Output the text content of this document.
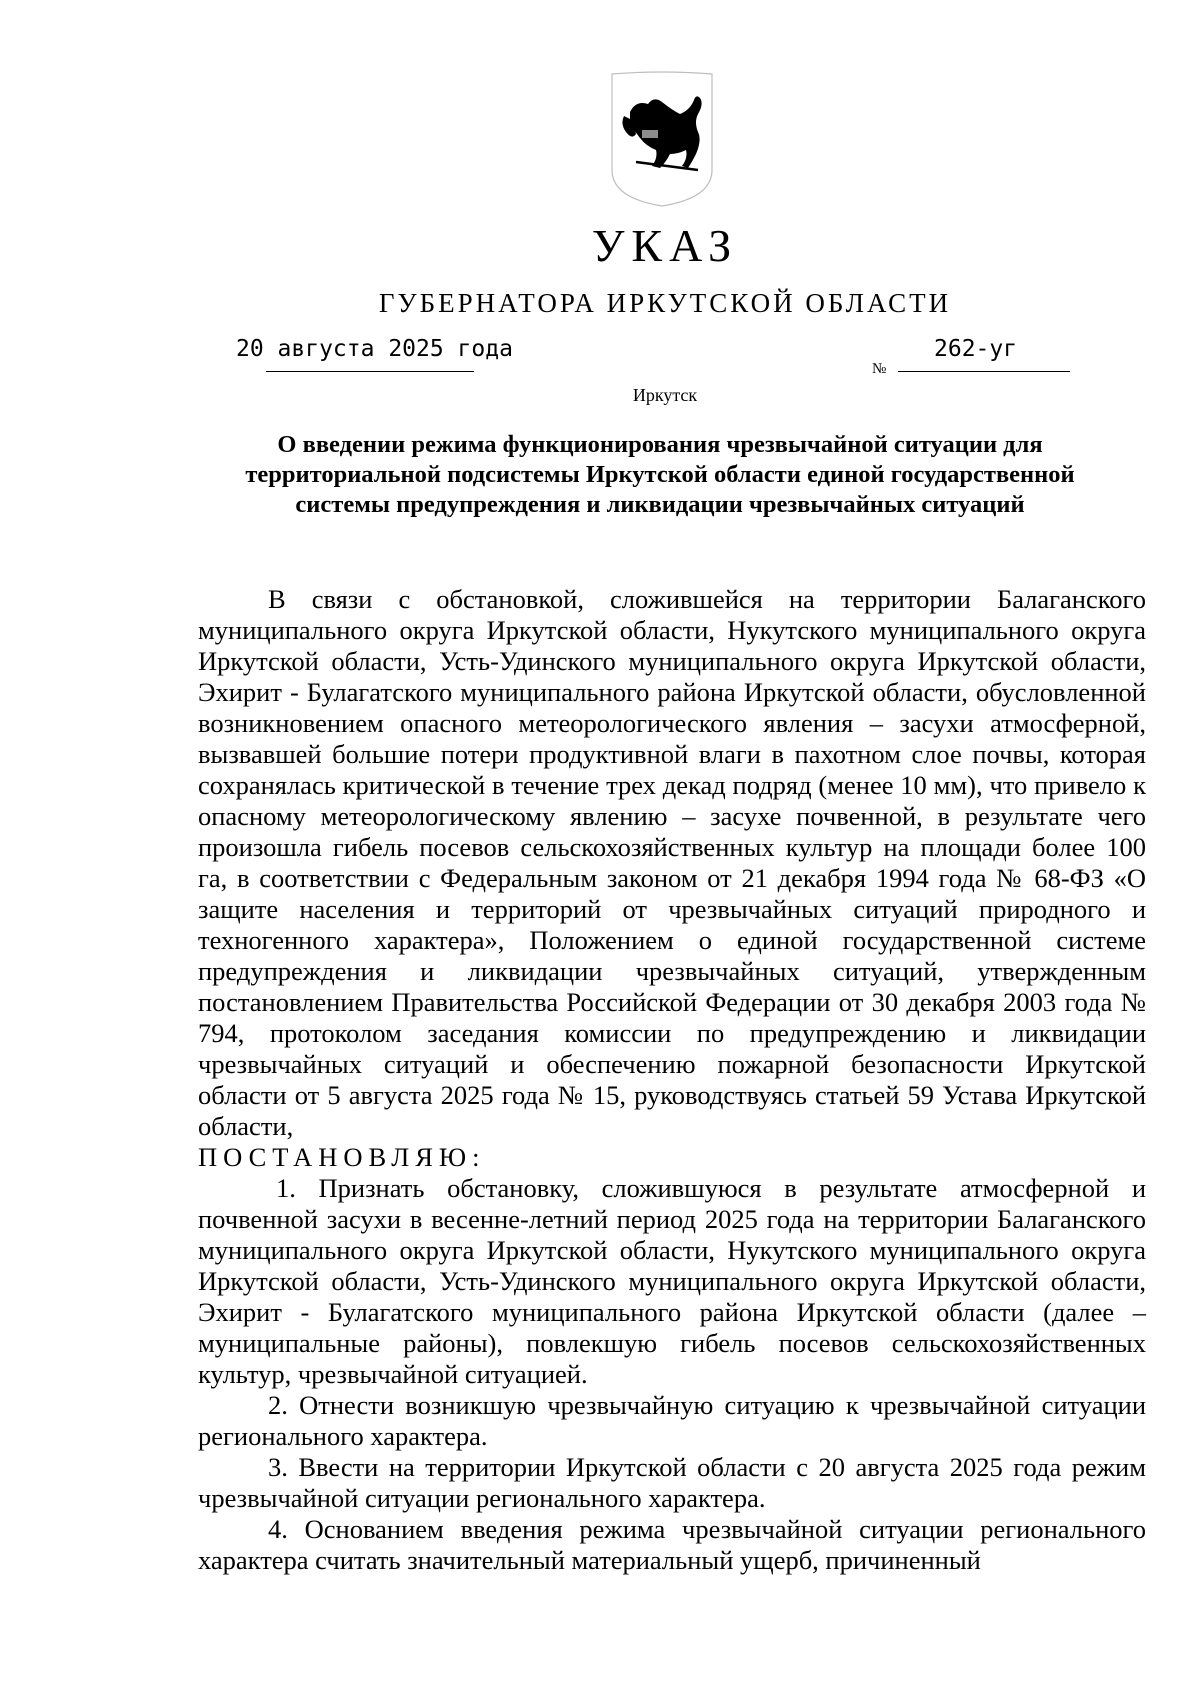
УКАЗ
ГУБЕРНАТОРА ИРКУТСКОЙ ОБЛАСТИ
20 августа 2025 года
№
262-уг
Иркутск
О введении режима функционирования чрезвычайной ситуации для территориальной подсистемы Иркутской области единой государственной системы предупреждения и ликвидации чрезвычайных ситуаций

В связи с обстановкой, сложившейся на территории Балаганского муниципального округа Иркутской области, Нукутского муниципального округа Иркутской области, Усть-Удинского муниципального округа Иркутской области, Эхирит - Булагатского муниципального района Иркутской области, обусловленной возникновением опасного метеорологического явления – засухи атмосферной, вызвавшей большие потери продуктивной влаги в пахотном слое почвы, которая сохранялась критической в течение трех декад подряд (менее 10 мм), что привело к опасному метеорологическому явлению – засухе почвенной, в результате чего произошла гибель посевов сельскохозяйственных культур на площади более 100 га, в соответствии с Федеральным законом от 21 декабря 1994 года № 68-ФЗ «О защите населения и территорий от чрезвычайных ситуаций природного и техногенного характера», Положением о единой государственной системе предупреждения и ликвидации чрезвычайных ситуаций, утвержденным постановлением Правительства Российской Федерации от 30 декабря 2003 года № 794, протоколом заседания комиссии по предупреждению и ликвидации чрезвычайных ситуаций и обеспечению пожарной безопасности Иркутской области от 5 августа 2025 года № 15, руководствуясь статьей 59 Устава Иркутской области,

ПОСТАНОВЛЯЮ:

1. Признать обстановку, сложившуюся в результате атмосферной и почвенной засухи в весенне-летний период 2025 года на территории Балаганского муниципального округа Иркутской области, Нукутского муниципального округа Иркутской области, Усть-Удинского муниципального округа Иркутской области, Эхирит - Булагатского муниципального района Иркутской области (далее – муниципальные районы), повлекшую гибель посевов сельскохозяйственных культур, чрезвычайной ситуацией.

2. Отнести возникшую чрезвычайную ситуацию к чрезвычайной ситуации регионального характера.

3. Ввести на территории Иркутской области с 20 августа 2025 года режим чрезвычайной ситуации регионального характера.

4. Основанием введения режима чрезвычайной ситуации регионального характера считать значительный материальный ущерб, причиненный
